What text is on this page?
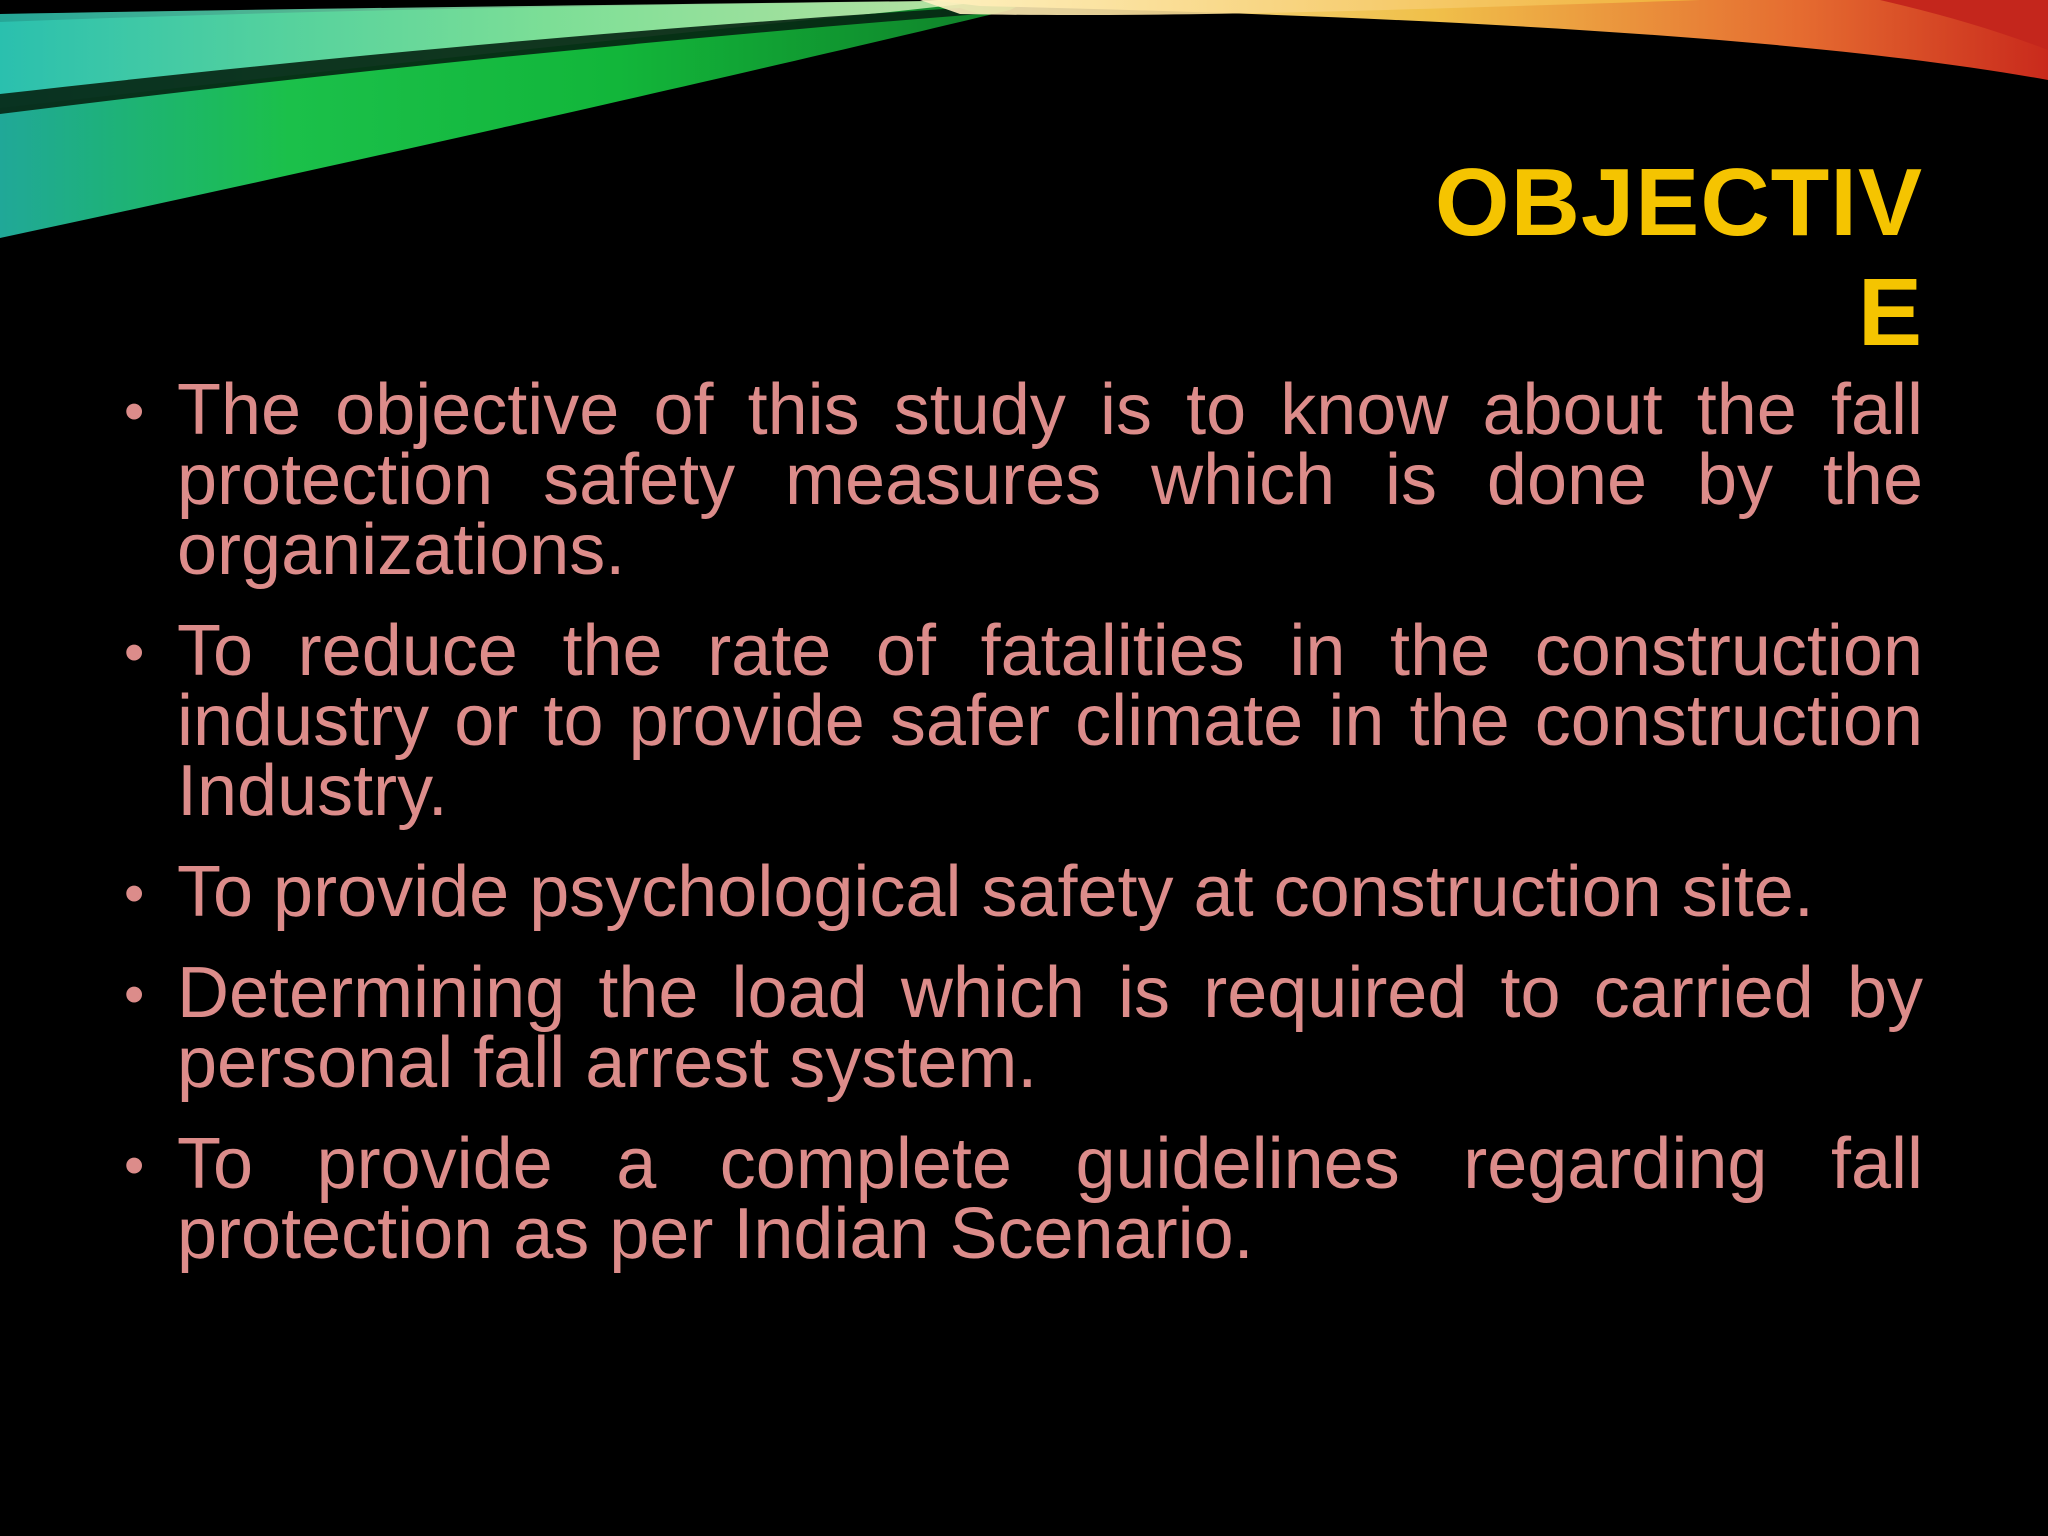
OBJECTIVE
• The objective of this study is to know about the fall protection safety measures which is done by the organizations.
• To reduce the rate of fatalities in the construction industry or to provide safer climate in the construction Industry.
• To provide psychological safety at construction site.
• Determining the load which is required to carried by personal fall arrest system.
• To provide a complete guidelines regarding fall protection as per Indian Scenario.
